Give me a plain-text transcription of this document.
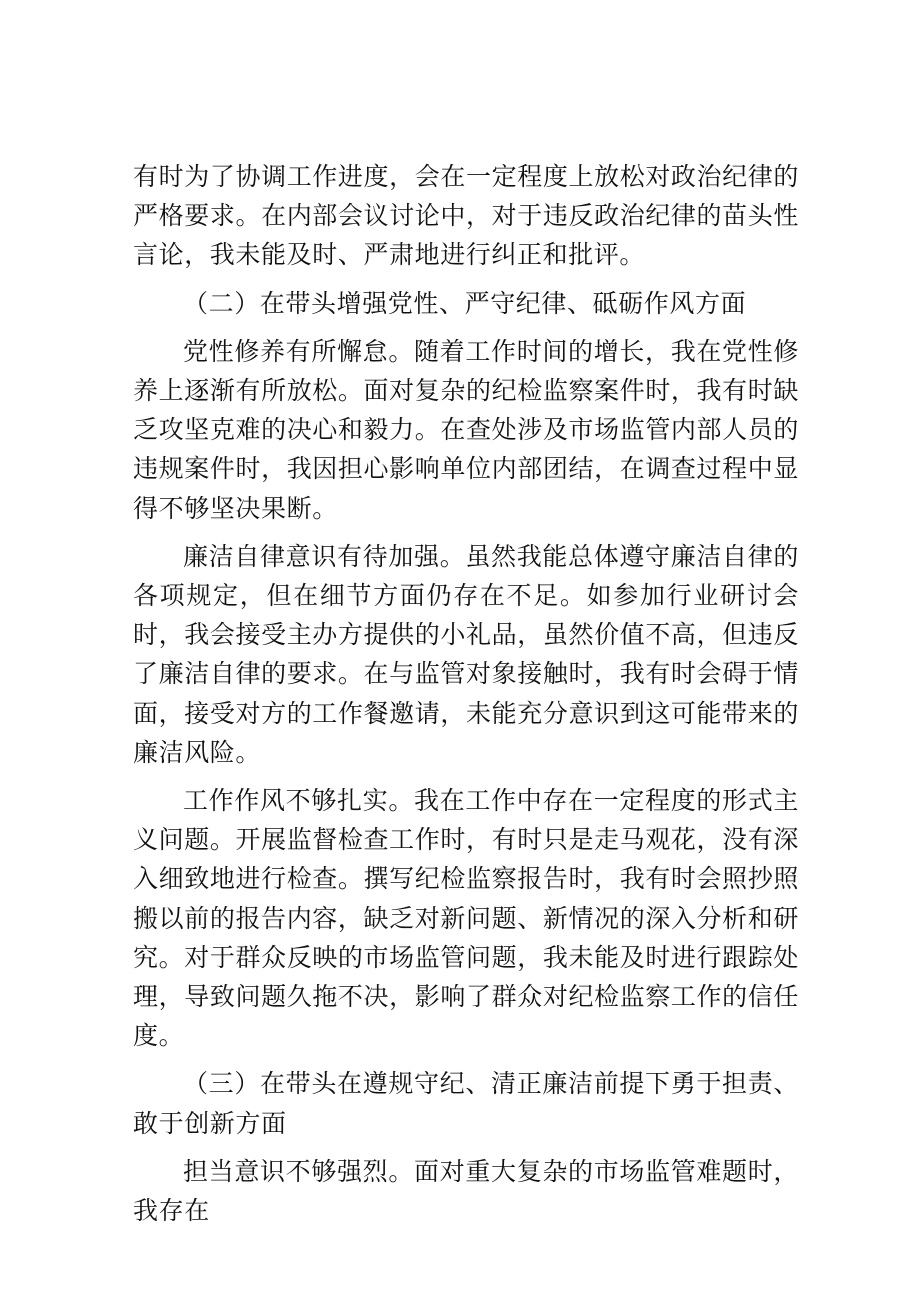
有时为了协调工作进度，会在一定程度上放松对政治纪律的严格要求。在内部会议讨论中，对于违反政治纪律的苗头性言论，我未能及时、严肃地进行纠正和批评。

（二）在带头增强党性、严守纪律、砥砺作风方面

党性修养有所懈怠。随着工作时间的增长，我在党性修养上逐渐有所放松。面对复杂的纪检监察案件时，我有时缺乏攻坚克难的决心和毅力。在查处涉及市场监管内部人员的违规案件时，我因担心影响单位内部团结，在调查过程中显得不够坚决果断。

廉洁自律意识有待加强。虽然我能总体遵守廉洁自律的各项规定，但在细节方面仍存在不足。如参加行业研讨会时，我会接受主办方提供的小礼品，虽然价值不高，但违反了廉洁自律的要求。在与监管对象接触时，我有时会碍于情面，接受对方的工作餐邀请，未能充分意识到这可能带来的廉洁风险。

工作作风不够扎实。我在工作中存在一定程度的形式主义问题。开展监督检查工作时，有时只是走马观花，没有深入细致地进行检查。撰写纪检监察报告时，我有时会照抄照搬以前的报告内容，缺乏对新问题、新情况的深入分析和研究。对于群众反映的市场监管问题，我未能及时进行跟踪处理，导致问题久拖不决，影响了群众对纪检监察工作的信任度。

（三）在带头在遵规守纪、清正廉洁前提下勇于担责、敢于创新方面

担当意识不够强烈。面对重大复杂的市场监管难题时，我存在
